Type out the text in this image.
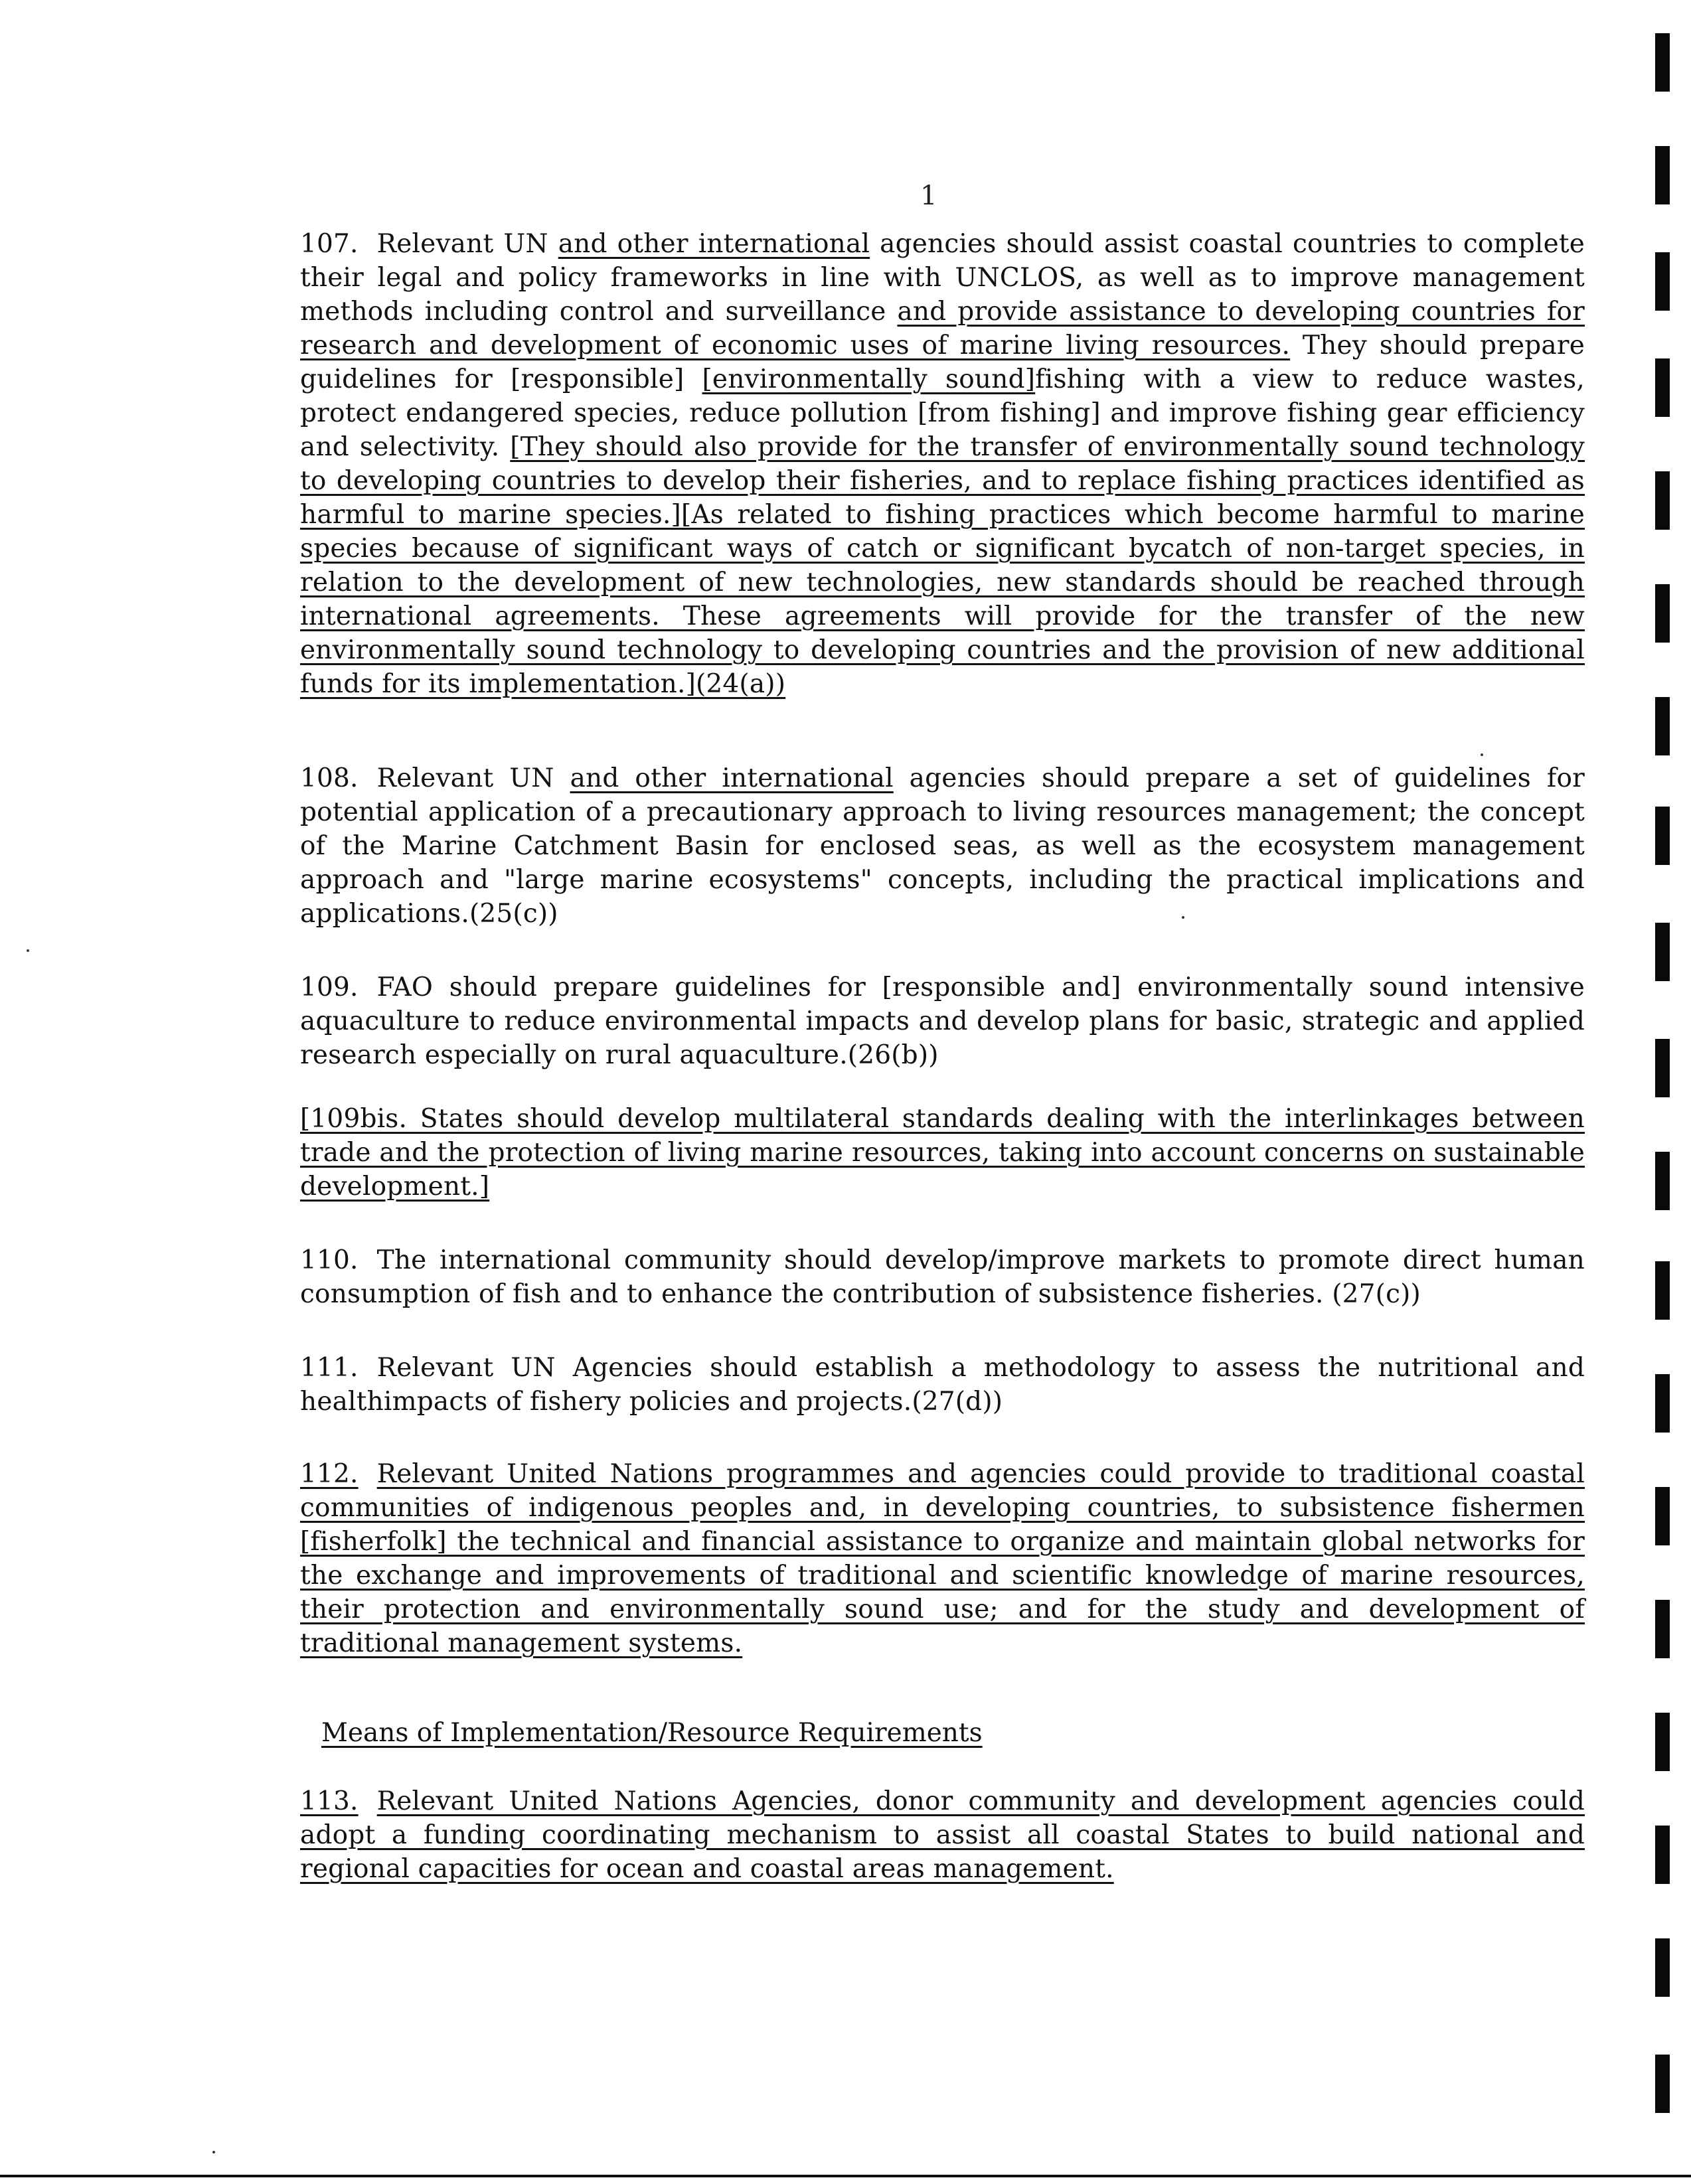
1
107. Relevant UN and other international agencies should assist coastal countries to complete their legal and policy frameworks in line with UNCLOS, as well as to improve management methods including control and surveillance and provide assistance to developing countries for research and development of economic uses of marine living resources. They should prepare guidelines for [responsible] [environmentally sound]fishing with a view to reduce wastes, protect endangered species, reduce pollution [from fishing] and improve fishing gear efficiency and selectivity. [They should also provide for the transfer of environmentally sound technology to developing countries to develop their fisheries, and to replace fishing practices identified as harmful to marine species.][As related to fishing practices which become harmful to marine species because of significant ways of catch or significant bycatch of non-target species, in relation to the development of new technologies, new standards should be reached through international agreements. These agreements will provide for the transfer of the new environmentally sound technology to developing countries and the provision of new additional funds for its implementation.](24(a))
108. Relevant UN and other international agencies should prepare a set of guidelines for potential application of a precautionary approach to living resources management; the concept of the Marine Catchment Basin for enclosed seas, as well as the ecosystem management approach and "large marine ecosystems" concepts, including the practical implications and applications.(25(c))
109. FAO should prepare guidelines for [responsible and] environmentally sound intensive aquaculture to reduce environmental impacts and develop plans for basic, strategic and applied research especially on rural aquaculture.(26(b))
[109bis. States should develop multilateral standards dealing with the interlinkages between trade and the protection of living marine resources, taking into account concerns on sustainable development.]
110. The international community should develop/improve markets to promote direct human consumption of fish and to enhance the contribution of subsistence fisheries. (27(c))
111. Relevant UN Agencies should establish a methodology to assess the nutritional and healthimpacts of fishery policies and projects.(27(d))
112. Relevant United Nations programmes and agencies could provide to traditional coastal communities of indigenous peoples and, in developing countries, to subsistence fishermen [fisherfolk] the technical and financial assistance to organize and maintain global networks for the exchange and improvements of traditional and scientific knowledge of marine resources, their protection and environmentally sound use; and for the study and development of traditional management systems.
Means of Implementation/Resource Requirements
113. Relevant United Nations Agencies, donor community and development agencies could adopt a funding coordinating mechanism to assist all coastal States to build national and regional capacities for ocean and coastal areas management.
